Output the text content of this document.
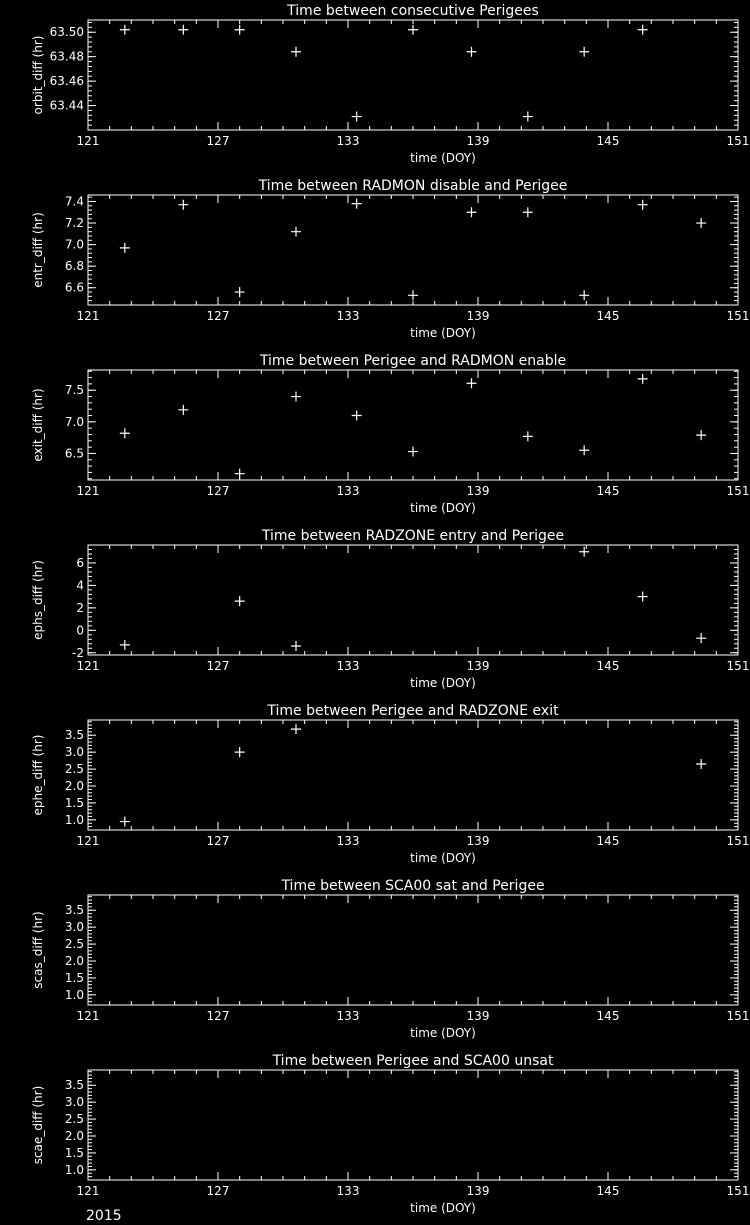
Time between consecutive Perigees
121	127	133	139	145	151
63.44
63.46
63.48
63.50
time (DOY)
orbit_diff (hr)
Time between RADMON disable and Perigee
121	127	133	139	145	151
6.6
6.8
7.0
7.2
7.4
time (DOY)
entr_diff (hr)
Time between Perigee and RADMON enable
121	127	133	139	145	151
6.5
7.0
7.5
time (DOY)
exit_diff (hr)
Time between RADZONE entry and Perigee
121	127	133	139	145	151
-2
0
2
4
6
time (DOY)
ephs_diff (hr)
Time between Perigee and RADZONE exit
121	127	133	139	145	151
1.0
1.5
2.0
2.5
3.0
3.5
time (DOY)
ephe_diff (hr)
Time between SCA00 sat and Perigee
121	127	133	139	145	151
1.0
1.5
2.0
2.5
3.0
3.5
time (DOY)
scas_diff (hr)
Time between Perigee and SCA00 unsat
121	127	133	139	145	151
1.0
1.5
2.0
2.5
3.0
3.5
time (DOY)
scae_diff (hr)
2015
